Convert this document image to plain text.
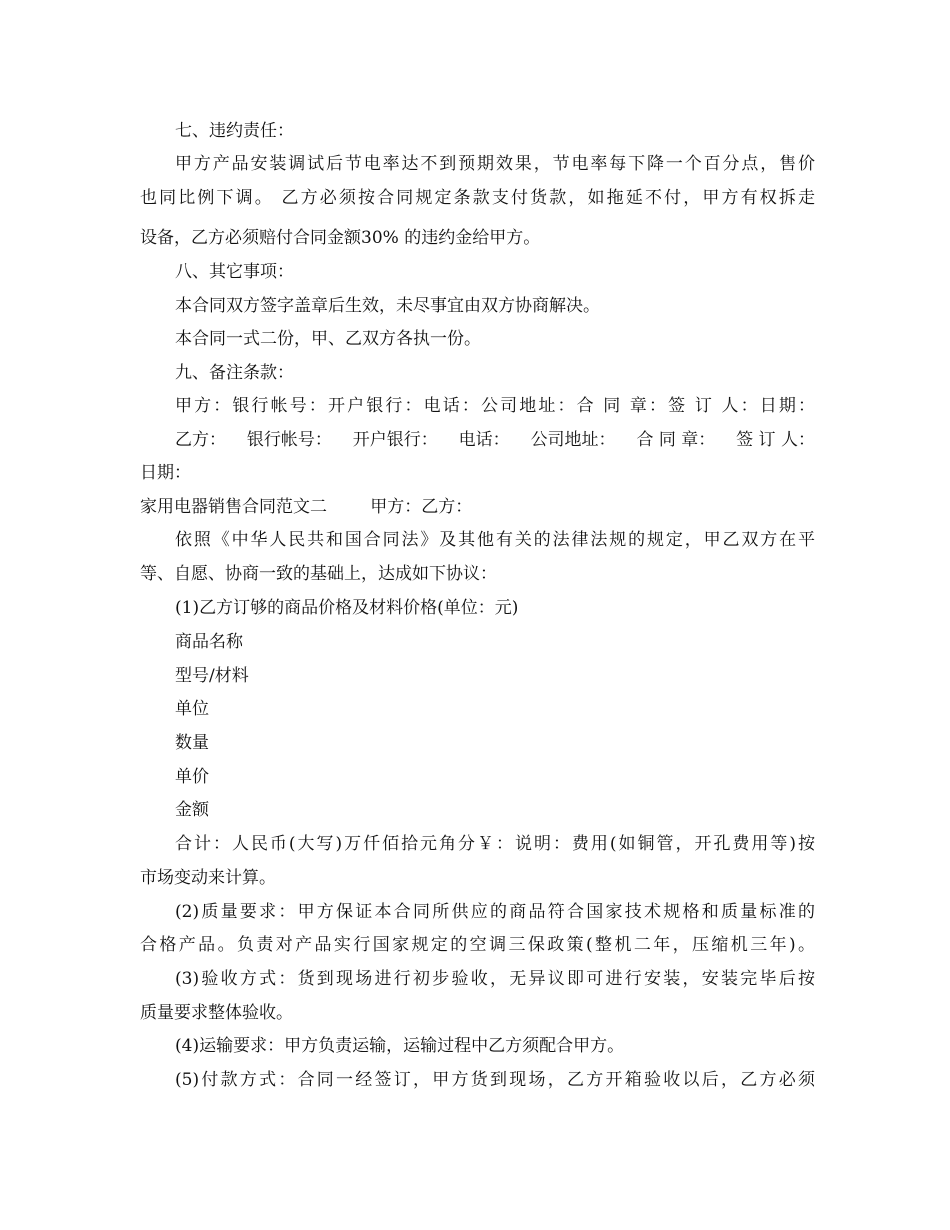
七、违约责任：
甲方产品安装调试后节电率达不到预期效果，节电率每下降一个百分点，售价
也同比例下调。 乙方必须按合同规定条款支付货款，如拖延不付，甲方有权拆走
设备，乙方必须赔付合同金额30% 的违约金给甲方。
八、其它事项：
本合同双方签字盖章后生效，未尽事宜由双方协商解决。
本合同一式二份，甲、乙双方各执一份。
九、备注条款：
甲方：银行帐号：开户银行：电话：公司地址：合 同 章：签 订 人：日期：
乙方： 银行帐号： 开户银行： 电话： 公司地址： 合 同 章： 签 订 人：
日期：
家用电器销售合同范文二        甲方：乙方：
依照《中华人民共和国合同法》及其他有关的法律法规的规定，甲乙双方在平
等、自愿、协商一致的基础上，达成如下协议：
(1)乙方订够的商品价格及材料价格(单位：元)
商品名称
型号/材料
单位
数量
单价
金额
合计：人民币(大写)万仟佰拾元角分￥：说明：费用(如铜管，开孔费用等)按
市场变动来计算。
(2)质量要求：甲方保证本合同所供应的商品符合国家技术规格和质量标准的
合格产品。负责对产品实行国家规定的空调三保政策(整机二年，压缩机三年)。
(3)验收方式：货到现场进行初步验收，无异议即可进行安装，安装完毕后按
质量要求整体验收。
(4)运输要求：甲方负责运输，运输过程中乙方须配合甲方。
(5)付款方式：合同一经签订，甲方货到现场，乙方开箱验收以后，乙方必须
